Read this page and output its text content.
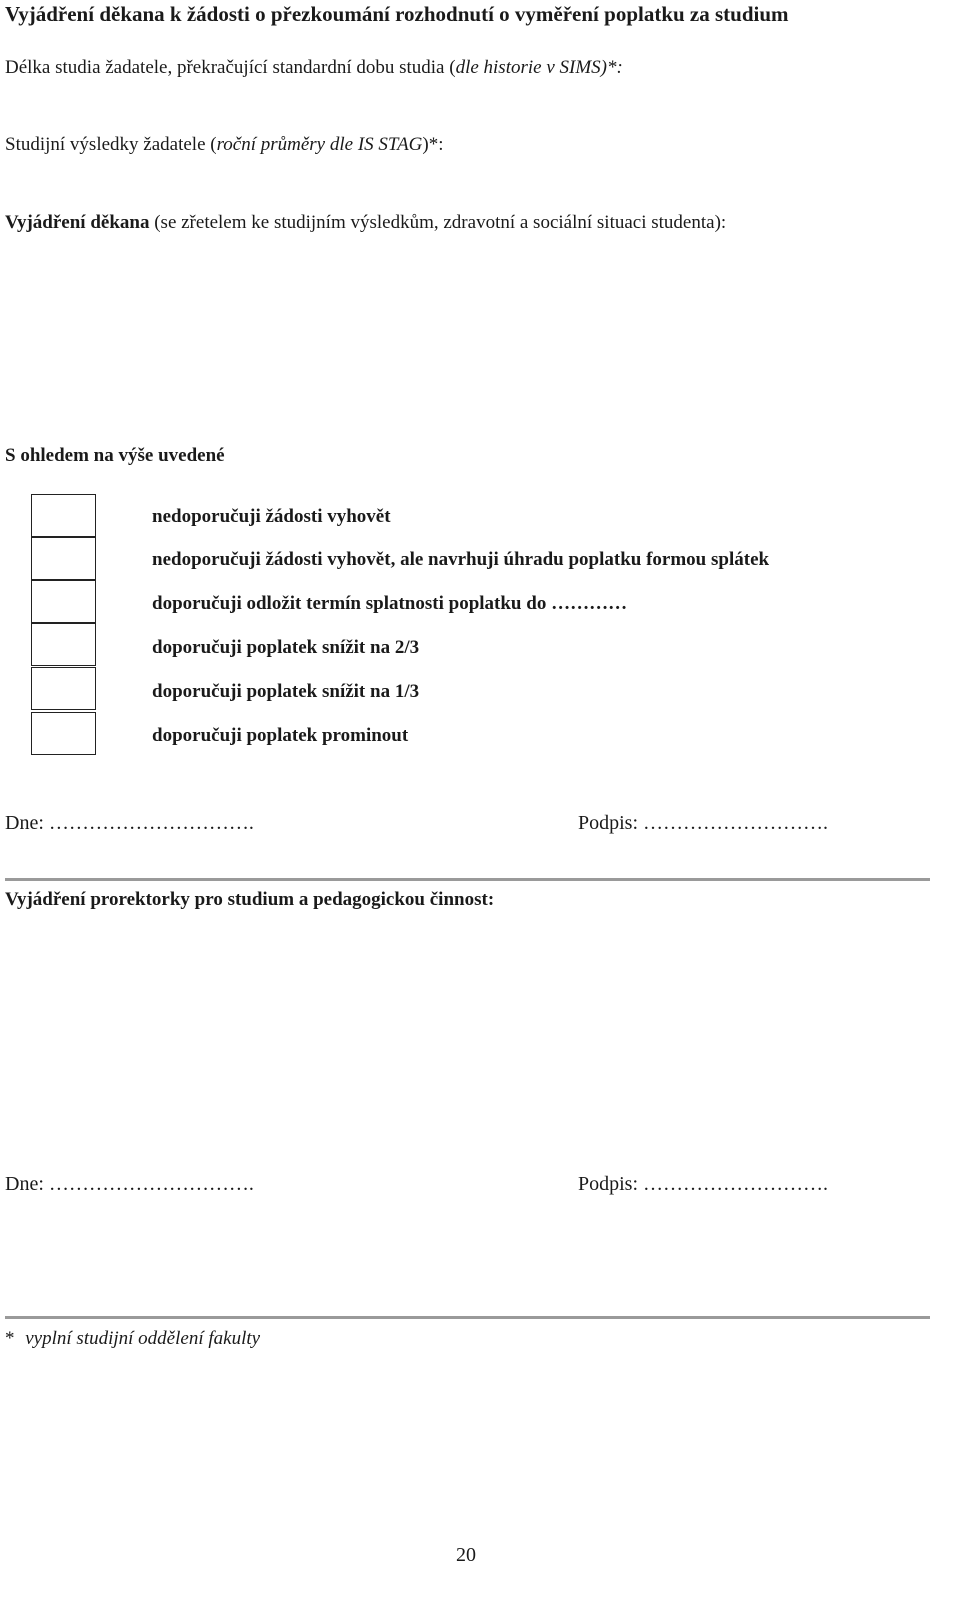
Vyjádření děkana k žádosti o přezkoumání rozhodnutí o vyměření poplatku za studium
Délka studia žadatele, překračující standardní dobu studia (dle historie v SIMS)*:
Studijní výsledky žadatele (roční průměry dle IS STAG)*:
Vyjádření děkana (se zřetelem ke studijním výsledkům, zdravotní a sociální situaci studenta):
S ohledem na výše uvedené
nedoporučuji žádosti vyhovět
nedoporučuji žádosti vyhovět, ale navrhuji úhradu poplatku formou splátek
doporučuji odložit termín splatnosti poplatku do …………
doporučuji poplatek snížit na 2/3
doporučuji poplatek snížit na 1/3
doporučuji poplatek prominout
Dne: ………………………….	Podpis: ……………………….
Vyjádření prorektorky pro studium a pedagogickou činnost:
Dne: ………………………….	Podpis: ……………………….
* vyplní studijní oddělení fakulty
20
